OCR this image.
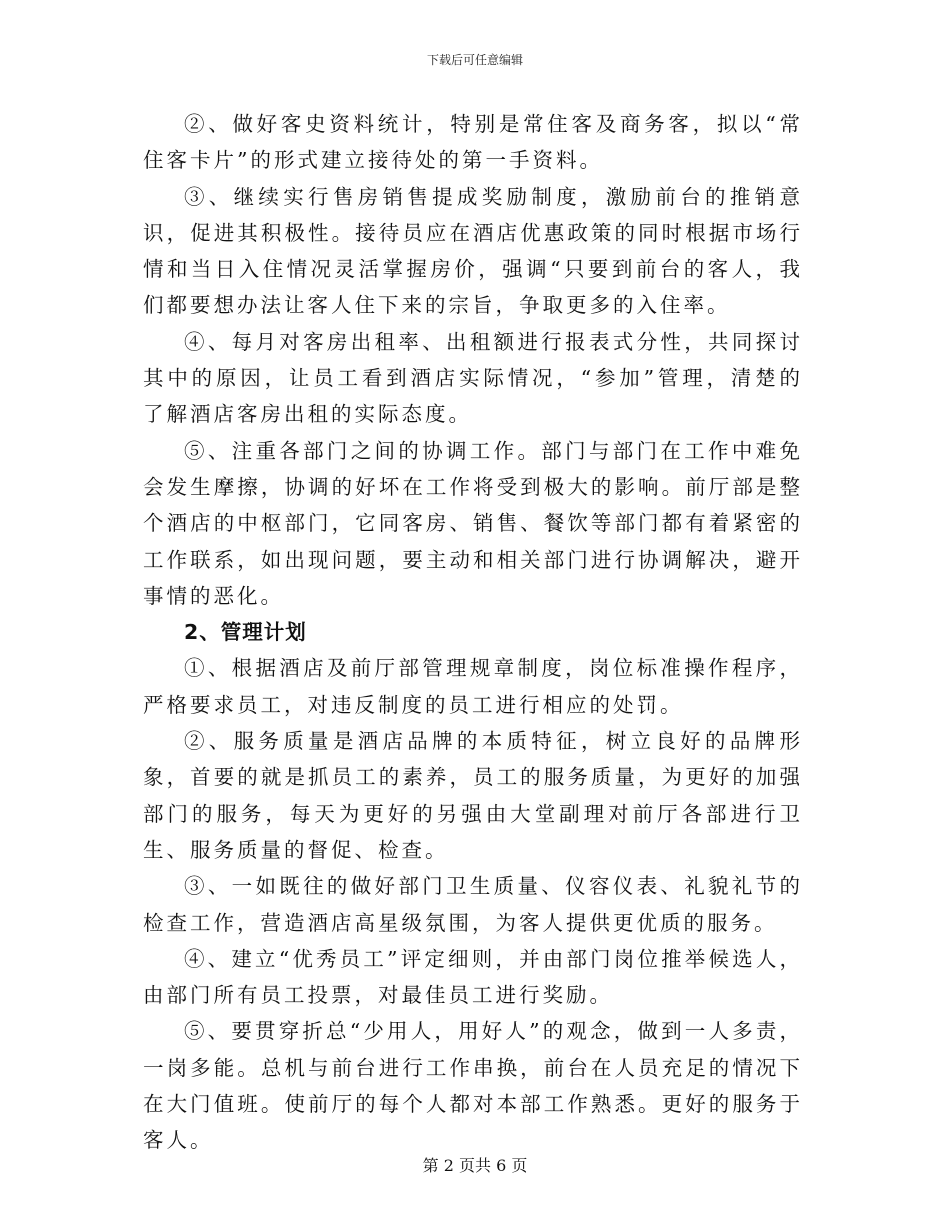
下载后可任意编辑

②、做好客史资料统计，特别是常住客及商务客，拟以“常住客卡片”的形式建立接待处的第一手资料。

③、继续实行售房销售提成奖励制度，激励前台的推销意识，促进其积极性。接待员应在酒店优惠政策的同时根据市场行情和当日入住情况灵活掌握房价，强调“只要到前台的客人，我们都要想办法让客人住下来的宗旨，争取更多的入住率。

④、每月对客房出租率、出租额进行报表式分性，共同探讨其中的原因，让员工看到酒店实际情况，“参加”管理，清楚的了解酒店客房出租的实际态度。

⑤、注重各部门之间的协调工作。部门与部门在工作中难免会发生摩擦，协调的好坏在工作将受到极大的影响。前厅部是整个酒店的中枢部门，它同客房、销售、餐饮等部门都有着紧密的工作联系，如出现问题，要主动和相关部门进行协调解决，避开事情的恶化。

2、管理计划

①、根据酒店及前厅部管理规章制度，岗位标准操作程序，严格要求员工，对违反制度的员工进行相应的处罚。

②、服务质量是酒店品牌的本质特征，树立良好的品牌形象，首要的就是抓员工的素养，员工的服务质量，为更好的加强部门的服务，每天为更好的另强由大堂副理对前厅各部进行卫生、服务质量的督促、检查。

③、一如既往的做好部门卫生质量、仪容仪表、礼貌礼节的检查工作，营造酒店高星级氛围，为客人提供更优质的服务。

④、建立“优秀员工”评定细则，并由部门岗位推举候选人，由部门所有员工投票，对最佳员工进行奖励。

⑤、要贯穿折总“少用人，用好人”的观念，做到一人多责，一岗多能。总机与前台进行工作串换，前台在人员充足的情况下在大门值班。使前厅的每个人都对本部工作熟悉。更好的服务于客人。

第 2 页共 6 页
